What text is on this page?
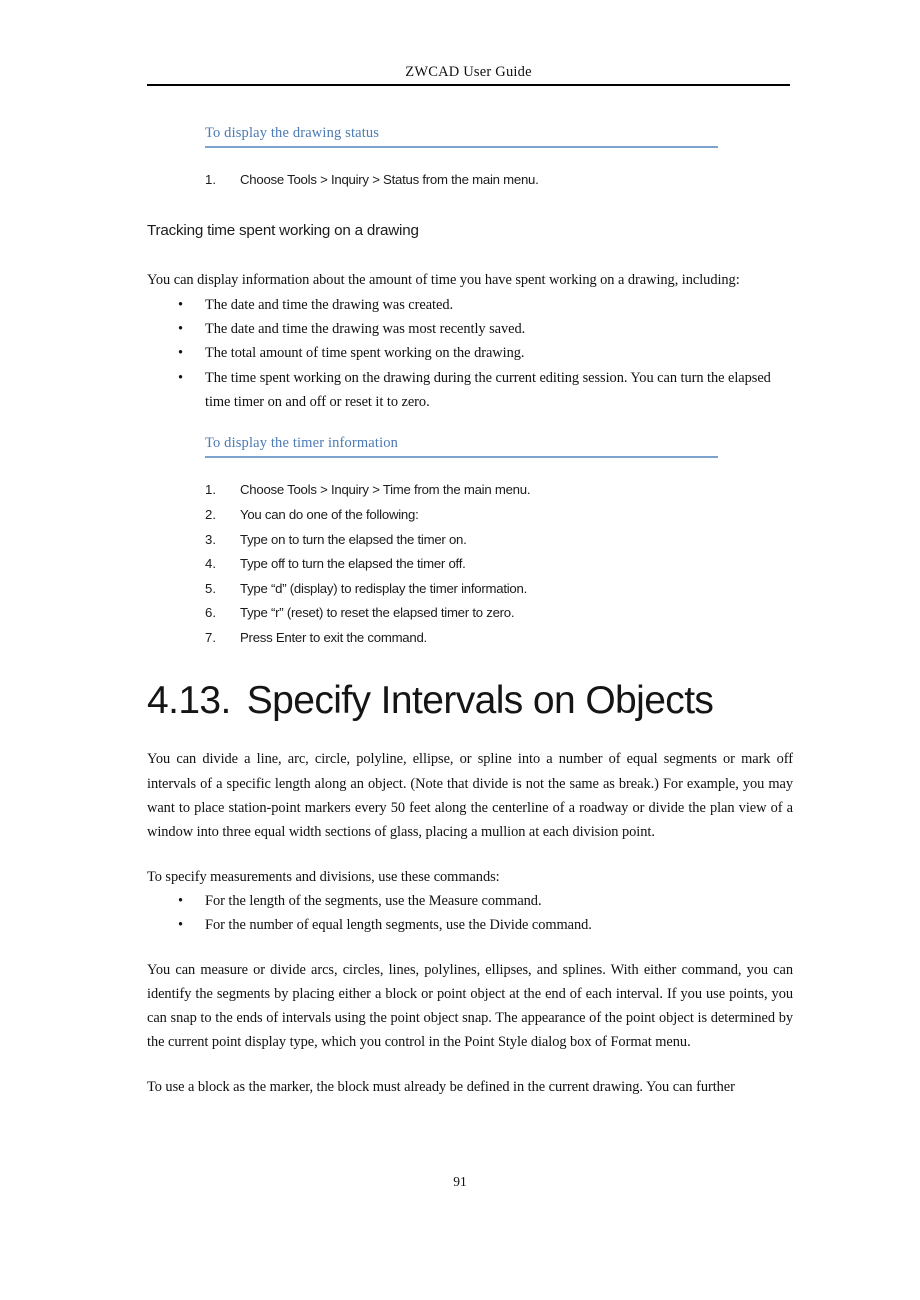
ZWCAD User Guide
To display the drawing status
1.	Choose Tools > Inquiry > Status from the main menu.
Tracking time spent working on a drawing

You can display information about the amount of time you have spent working on a drawing, including:

• The date and time the drawing was created.
• The date and time the drawing was most recently saved.
• The total amount of time spent working on the drawing.
• The time spent working on the drawing during the current editing session. You can turn the elapsed time timer on and off or reset it to zero.
To display the timer information
1.	Choose Tools > Inquiry > Time from the main menu.
2.	You can do one of the following:
3.	Type on to turn the elapsed the timer on.
4.	Type off to turn the elapsed the timer off.
5.	Type “d” (display) to redisplay the timer information.
6.	Type “r” (reset) to reset the elapsed timer to zero.
7.	Press Enter to exit the command.
4.13. Specify Intervals on Objects

You can divide a line, arc, circle, polyline, ellipse, or spline into a number of equal segments or mark off intervals of a specific length along an object. (Note that divide is not the same as break.) For example, you may want to place station-point markers every 50 feet along the centerline of a roadway or divide the plan view of a window into three equal width sections of glass, placing a mullion at each division point.

To specify measurements and divisions, use these commands:

• For the length of the segments, use the Measure command.
• For the number of equal length segments, use the Divide command.

You can measure or divide arcs, circles, lines, polylines, ellipses, and splines. With either command, you can identify the segments by placing either a block or point object at the end of each interval. If you use points, you can snap to the ends of intervals using the point object snap. The appearance of the point object is determined by the current point display type, which you control in the Point Style dialog box of Format menu.

To use a block as the marker, the block must already be defined in the current drawing. You can further

91
